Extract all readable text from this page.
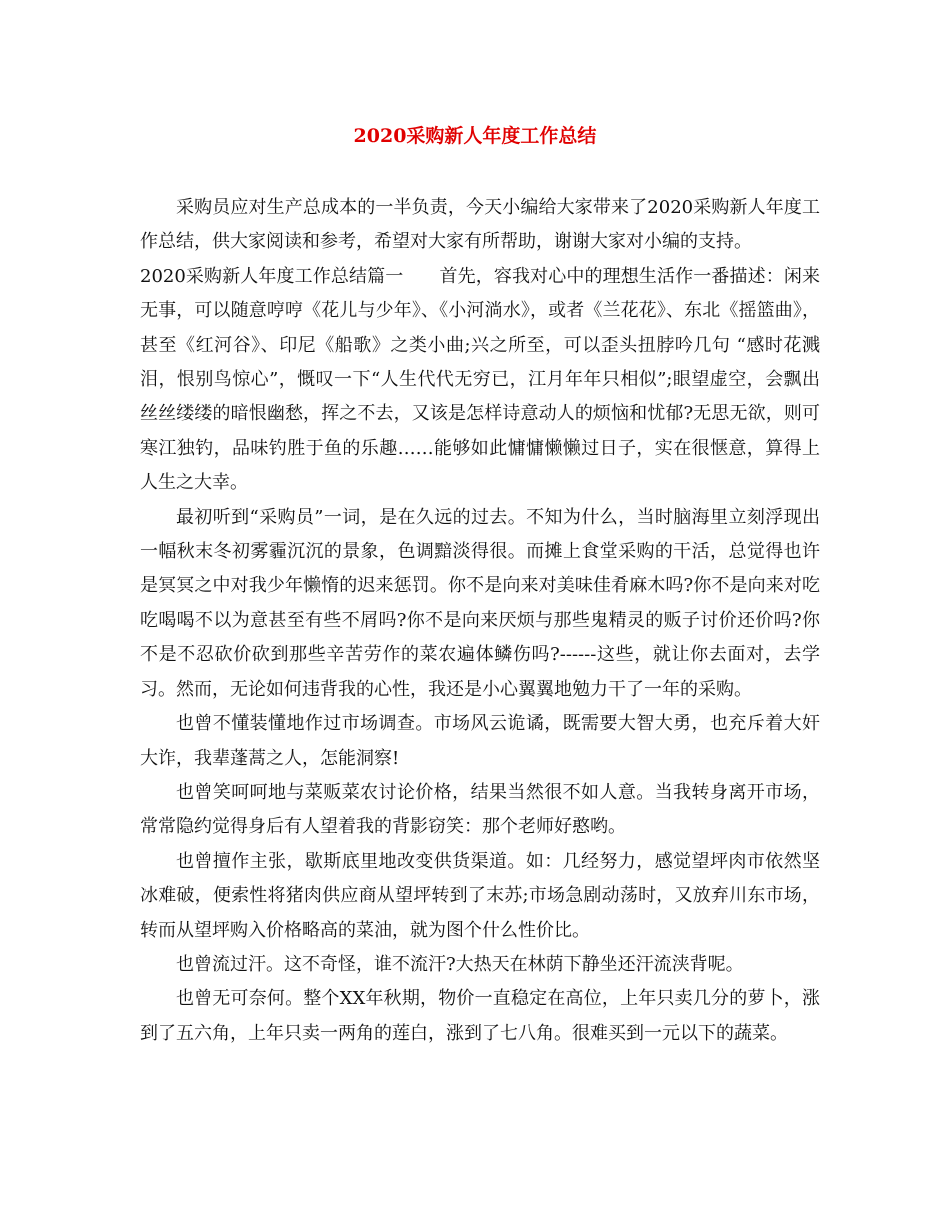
2020采购新人年度工作总结

采购员应对生产总成本的一半负责，今天小编给大家带来了2020采购新人年度工作总结，供大家阅读和参考，希望对大家有所帮助，谢谢大家对小编的支持。

2020采购新人年度工作总结篇一 首先，容我对心中的理想生活作一番描述：闲来无事，可以随意哼哼《花儿与少年》、《小河淌水》，或者《兰花花》、东北《摇篮曲》，甚至《红河谷》、印尼《船歌》之类小曲;兴之所至，可以歪头扭脖吟几句 “感时花溅泪，恨别鸟惊心”，慨叹一下“人生代代无穷已，江月年年只相似”;眼望虚空，会飘出丝丝缕缕的暗恨幽愁，挥之不去，又该是怎样诗意动人的烦恼和忧郁?无思无欲，则可寒江独钓，品味钓胜于鱼的乐趣……能够如此慵慵懒懒过日子，实在很惬意，算得上人生之大幸。

最初听到“采购员”一词，是在久远的过去。不知为什么，当时脑海里立刻浮现出一幅秋末冬初雾霾沉沉的景象，色调黯淡得很。而摊上食堂采购的干活，总觉得也许是冥冥之中对我少年懒惰的迟来惩罚。你不是向来对美味佳肴麻木吗?你不是向来对吃吃喝喝不以为意甚至有些不屑吗?你不是向来厌烦与那些鬼精灵的贩子讨价还价吗?你不是不忍砍价砍到那些辛苦劳作的菜农遍体鳞伤吗?------这些，就让你去面对，去学习。然而，无论如何违背我的心性，我还是小心翼翼地勉力干了一年的采购。

也曾不懂装懂地作过市场调查。市场风云诡谲，既需要大智大勇，也充斥着大奸大诈，我辈蓬蒿之人，怎能洞察!

也曾笑呵呵地与菜贩菜农讨论价格，结果当然很不如人意。当我转身离开市场，常常隐约觉得身后有人望着我的背影窃笑：那个老师好憨哟。

也曾擅作主张，歇斯底里地改变供货渠道。如：几经努力，感觉望坪肉市依然坚冰难破，便索性将猪肉供应商从望坪转到了末苏;市场急剧动荡时，又放弃川东市场，转而从望坪购入价格略高的菜油，就为图个什么性价比。

也曾流过汗。这不奇怪，谁不流汗?大热天在林荫下静坐还汗流浃背呢。

也曾无可奈何。整个XX年秋期，物价一直稳定在高位，上年只卖几分的萝卜，涨到了五六角，上年只卖一两角的莲白，涨到了七八角。很难买到一元以下的蔬菜。
